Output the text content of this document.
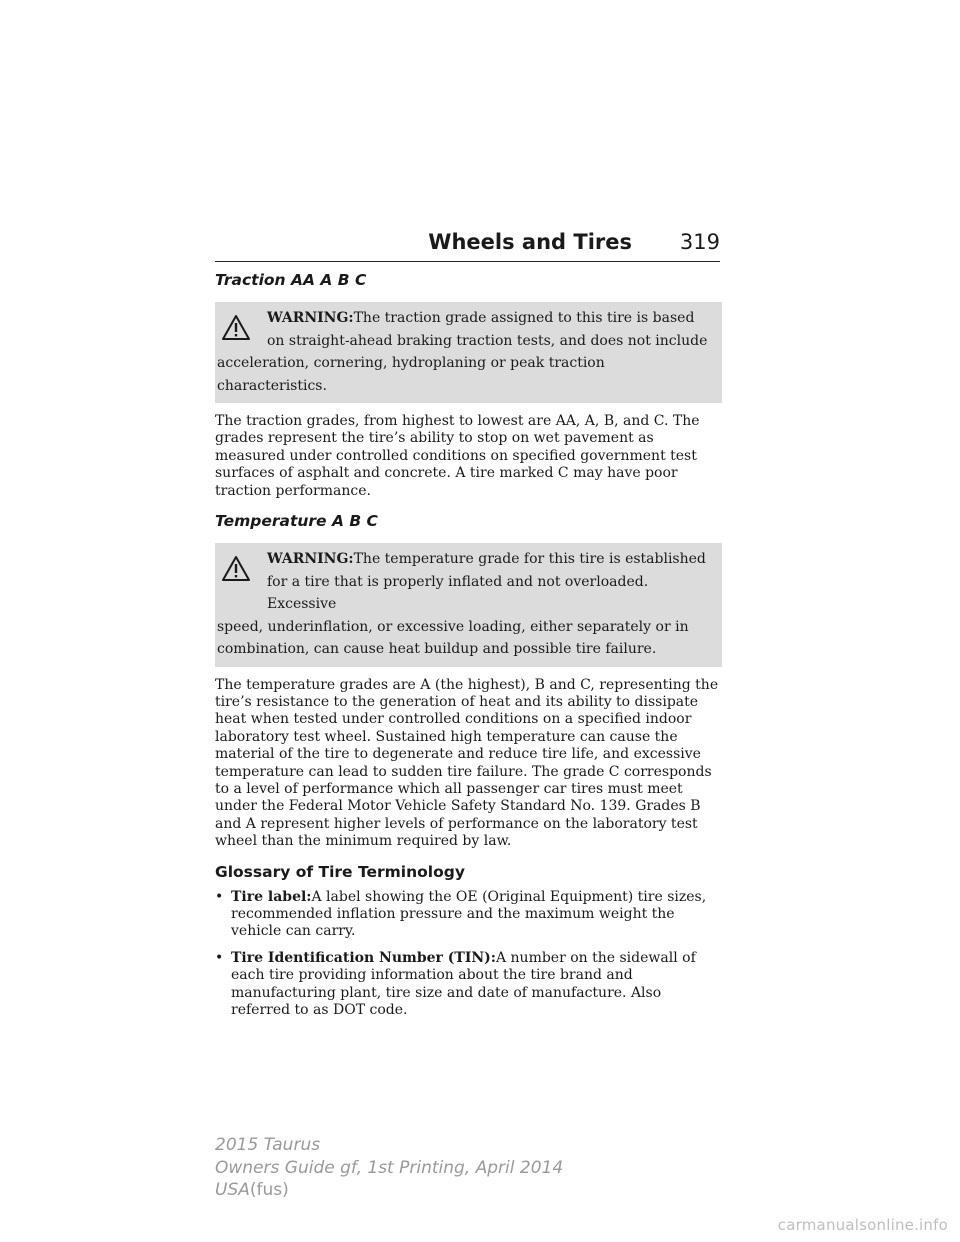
Wheels and Tires 319
Traction AA A B C
WARNING:The traction grade assigned to this tire is based on straight-ahead braking traction tests, and does not include
acceleration, cornering, hydroplaning or peak traction characteristics.

The traction grades, from highest to lowest are AA, A, B, and C. The grades represent the tire’s ability to stop on wet pavement as measured under controlled conditions on specified government test surfaces of asphalt and concrete. A tire marked C may have poor traction performance.

Temperature A B C
WARNING:The temperature grade for this tire is established for a tire that is properly inflated and not overloaded. Excessive
speed, underinflation, or excessive loading, either separately or in combination, can cause heat buildup and possible tire failure.

The temperature grades are A (the highest), B and C, representing the tire’s resistance to the generation of heat and its ability to dissipate heat when tested under controlled conditions on a specified indoor laboratory test wheel. Sustained high temperature can cause the material of the tire to degenerate and reduce tire life, and excessive temperature can lead to sudden tire failure. The grade C corresponds to a level of performance which all passenger car tires must meet under the Federal Motor Vehicle Safety Standard No. 139. Grades B and A represent higher levels of performance on the laboratory test wheel than the minimum required by law.

Glossary of Tire Terminology
• Tire label:A label showing the OE (Original Equipment) tire sizes, recommended inflation pressure and the maximum weight the vehicle can carry.
• Tire Identification Number (TIN):A number on the sidewall of each tire providing information about the tire brand and manufacturing plant, tire size and date of manufacture. Also referred to as DOT code.
2015 Taurus
Owners Guide gf, 1st Printing, April 2014
USA(fus)
carmanualsonline.info
